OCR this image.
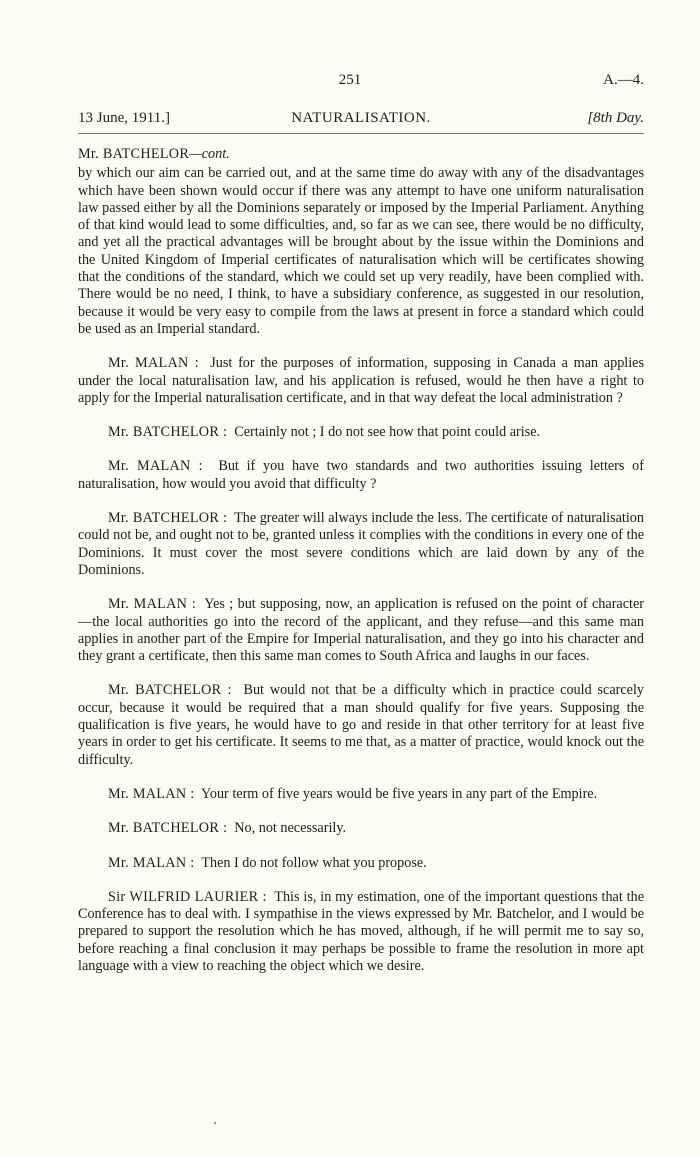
251	A.—4.
13 June, 1911.]	NATURALISATION.	[8th Day.
Mr. BATCHELOR—cont.

by which our aim can be carried out, and at the same time do away with any of the disadvantages which have been shown would occur if there was any attempt to have one uniform naturalisation law passed either by all the Dominions separately or imposed by the Imperial Parliament. Anything of that kind would lead to some difficulties, and, so far as we can see, there would be no difficulty, and yet all the practical advantages will be brought about by the issue within the Dominions and the United Kingdom of Imperial certificates of naturalisation which will be certificates showing that the conditions of the standard, which we could set up very readily, have been complied with. There would be no need, I think, to have a subsidiary conference, as suggested in our resolution, because it would be very easy to compile from the laws at present in force a standard which could be used as an Imperial standard.

Mr. MALAN : Just for the purposes of information, supposing in Canada a man applies under the local naturalisation law, and his application is refused, would he then have a right to apply for the Imperial naturalisation certificate, and in that way defeat the local administration ?

Mr. BATCHELOR : Certainly not ; I do not see how that point could arise.

Mr. MALAN : But if you have two standards and two authorities issuing letters of naturalisation, how would you avoid that difficulty ?

Mr. BATCHELOR : The greater will always include the less. The certificate of naturalisation could not be, and ought not to be, granted unless it complies with the conditions in every one of the Dominions. It must cover the most severe conditions which are laid down by any of the Dominions.

Mr. MALAN : Yes ; but supposing, now, an application is refused on the point of character—the local authorities go into the record of the applicant, and they refuse—and this same man applies in another part of the Empire for Imperial naturalisation, and they go into his character and they grant a certificate, then this same man comes to South Africa and laughs in our faces.

Mr. BATCHELOR : But would not that be a difficulty which in practice could scarcely occur, because it would be required that a man should qualify for five years. Supposing the qualification is five years, he would have to go and reside in that other territory for at least five years in order to get his certificate. It seems to me that, as a matter of practice, would knock out the difficulty.

Mr. MALAN : Your term of five years would be five years in any part of the Empire.

Mr. BATCHELOR : No, not necessarily.

Mr. MALAN : Then I do not follow what you propose.

Sir WILFRID LAURIER : This is, in my estimation, one of the important questions that the Conference has to deal with. I sympathise in the views expressed by Mr. Batchelor, and I would be prepared to support the resolution which he has moved, although, if he will permit me to say so, before reaching a final conclusion it may perhaps be possible to frame the resolution in more apt language with a view to reaching the object which we desire.
